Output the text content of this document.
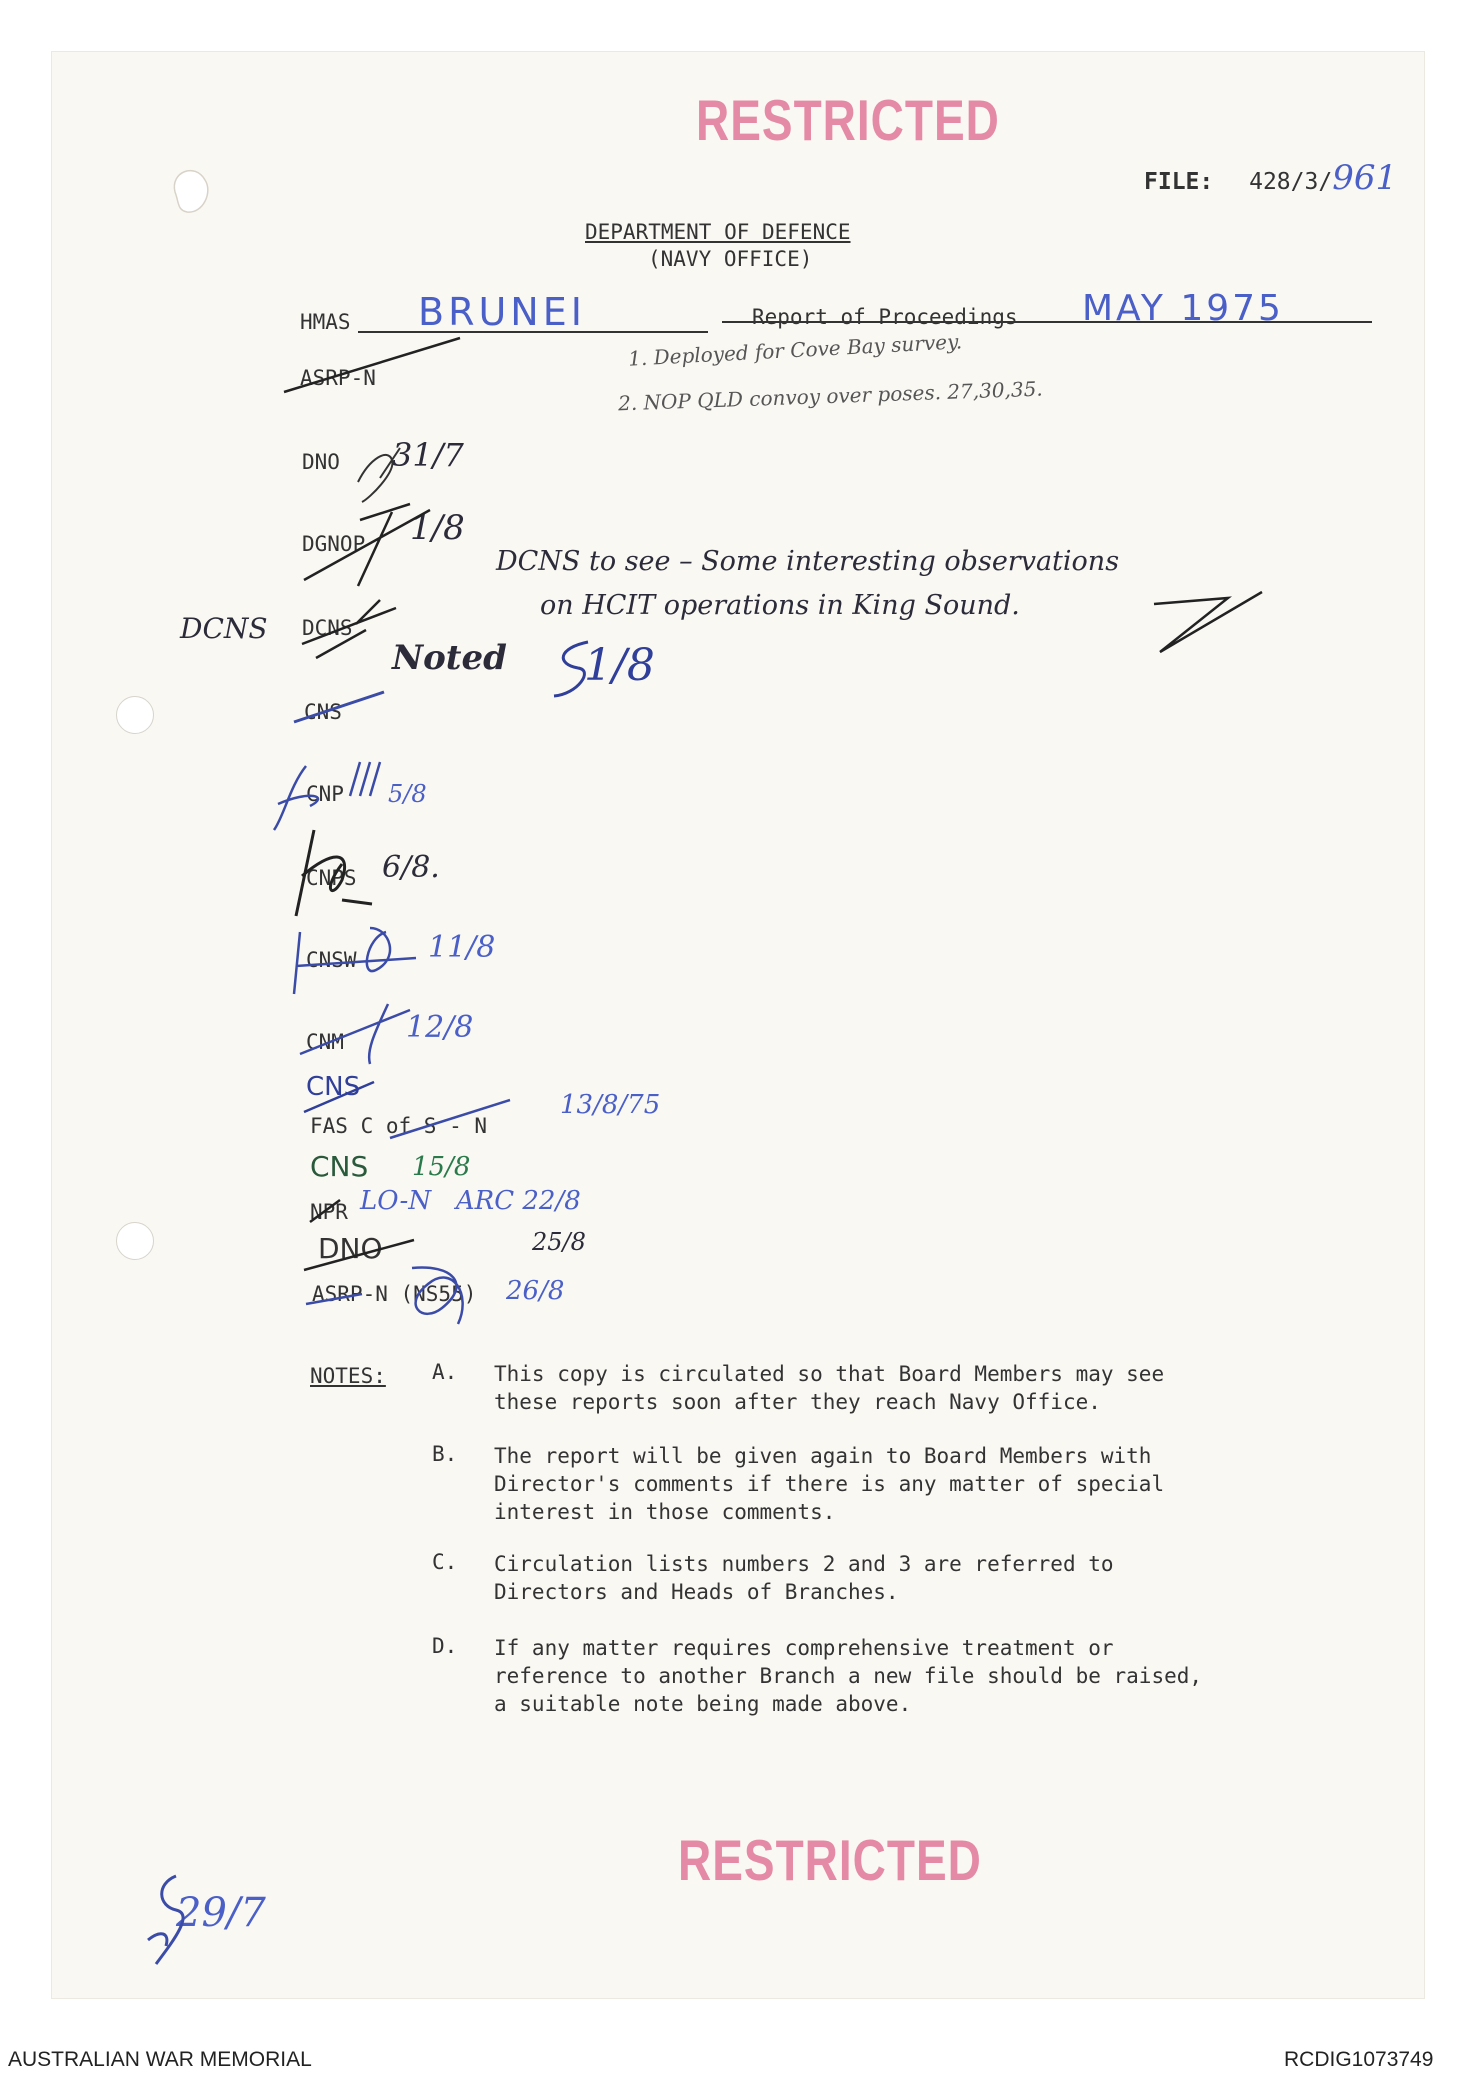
RESTRICTED
FILE: 428/3/961
DEPARTMENT OF DEFENCE
(NAVY OFFICE)
HMAS BRUNEI	Report of Proceedings MAY 1975
1. Deployed for Cove Bay survey.
2. NOP QLD convoy over poses. 27,30,35.
ASRP-N
DNO 31/7
DGNOP 1/8
DCNS to see – Some interesting observations
on HCIT operations in King Sound.
DCNS DCNS
Noted 1/8
CNS
CNP 5/8
CNPS 6/8.
CNSW 11/8
CNM 12/8
CNS
FAS C of S - N
13/8/75
CNS 15/8
NPR LO-N   ARC 22/8
DNO	25/8
ASRP-N (NS55) 26/8
NOTES: A. This copy is circulated so that Board Members may see
these reports soon after they reach Navy Office.
B. The report will be given again to Board Members with
Director's comments if there is any matter of special
interest in those comments.
C. Circulation lists numbers 2 and 3 are referred to
Directors and Heads of Branches.
D. If any matter requires comprehensive treatment or
reference to another Branch a new file should be raised,
a suitable note being made above.
RESTRICTED
29/7
AUSTRALIAN WAR MEMORIAL	RCDIG1073749
